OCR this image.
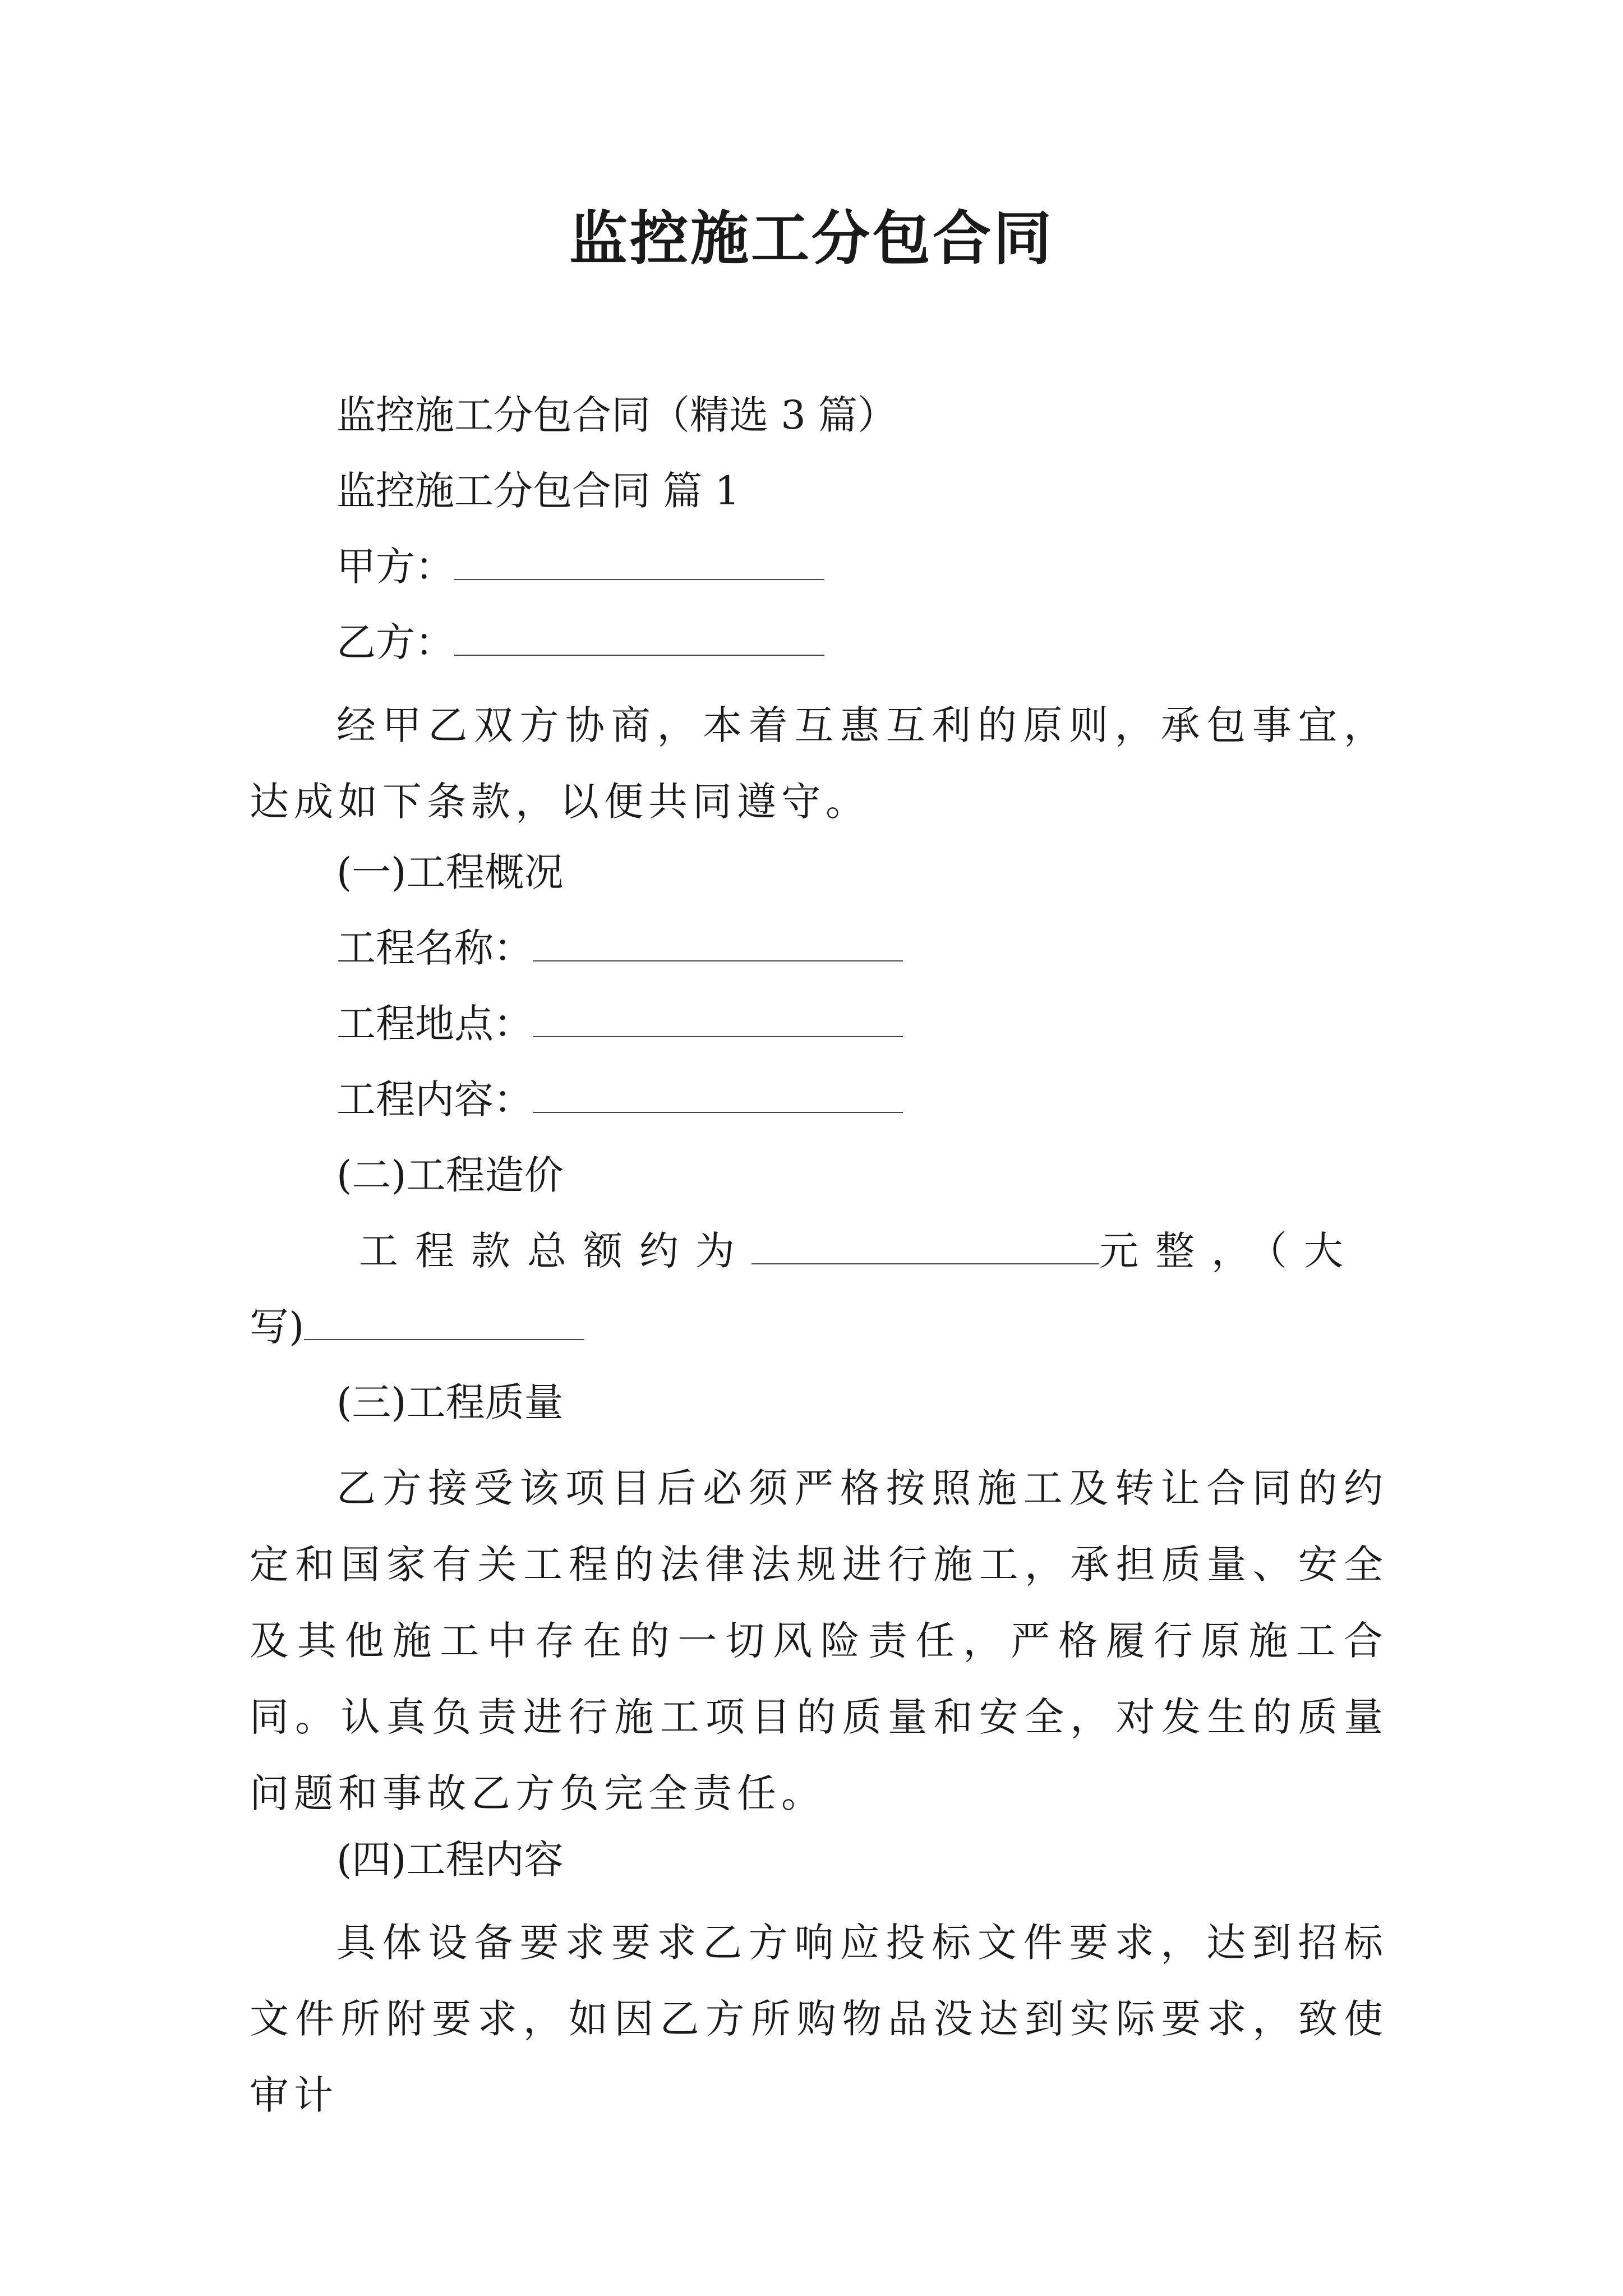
监控施工分包合同
监控施工分包合同（精选 3 篇）
监控施工分包合同 篇 1
甲方：
乙方：
经甲乙双方协商，本着互惠互利的原则，承包事宜，达成如下条款，以便共同遵守。
(一)工程概况
工程名称：
工程地点：
工程内容：
(二)工程造价
工程款总额约为	元整，（大
写)
(三)工程质量
乙方接受该项目后必须严格按照施工及转让合同的约定和国家有关工程的法律法规进行施工，承担质量、安全及其他施工中存在的一切风险责任，严格履行原施工合同。认真负责进行施工项目的质量和安全，对发生的质量问题和事故乙方负完全责任。
(四)工程内容
具体设备要求要求乙方响应投标文件要求，达到招标文件所附要求，如因乙方所购物品没达到实际要求，致使审计
